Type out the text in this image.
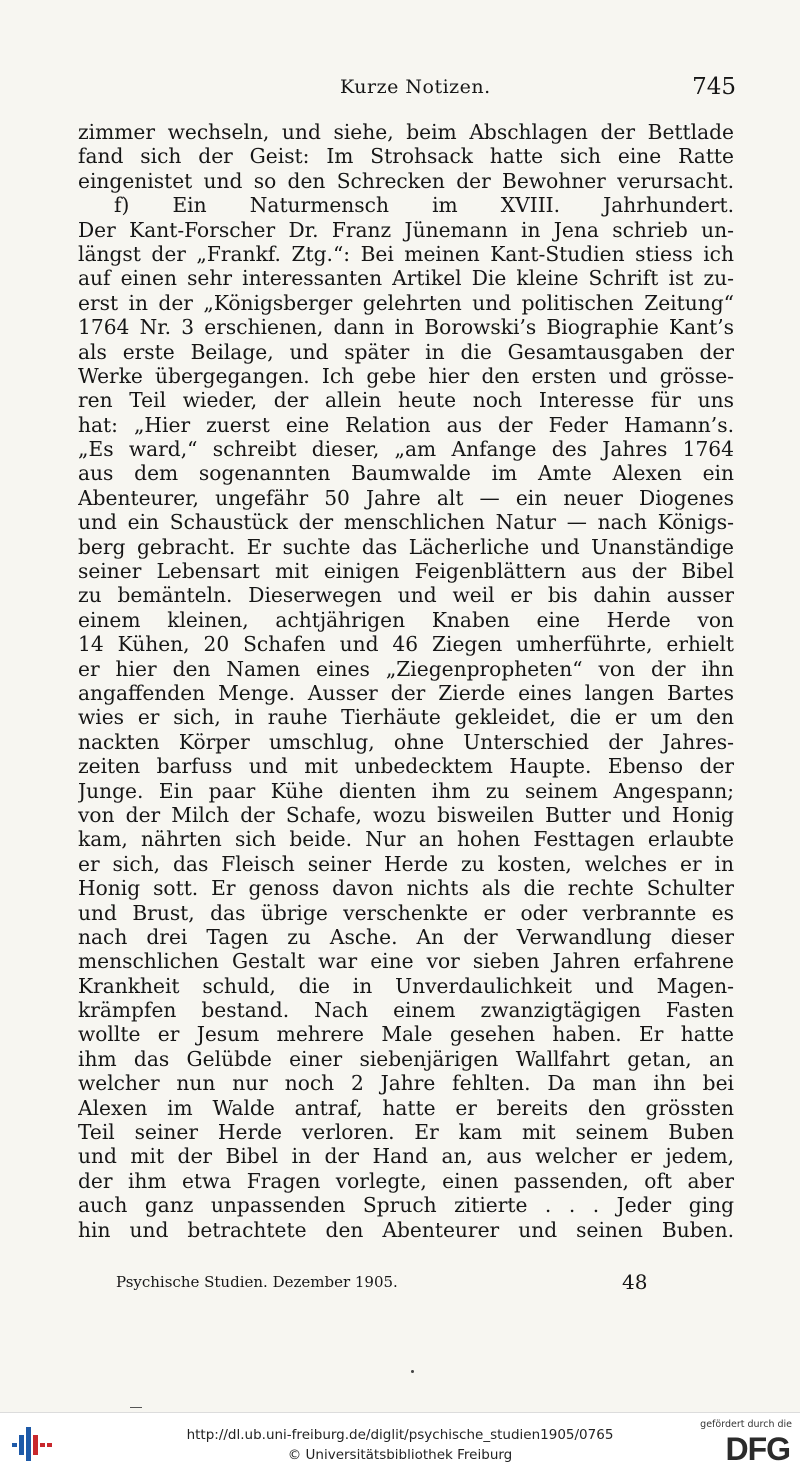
Kurze Notizen.	745
zimmer wechseln, und siehe, beim Abschlagen der Bettlade
fand sich der Geist: Im Strohsack hatte sich eine Ratte
eingenistet und so den Schrecken der Bewohner verursacht.
f) Ein Naturmensch im XVIII. Jahrhundert.
Der Kant-Forscher Dr. Franz Jünemann in Jena schrieb un-
längst der „Frankf. Ztg.“: Bei meinen Kant-Studien stiess ich
auf einen sehr interessanten Artikel Die kleine Schrift ist zu-
erst in der „Königsberger gelehrten und politischen Zeitung“
1764 Nr. 3 erschienen, dann in Borowski’s Biographie Kant’s
als erste Beilage, und später in die Gesamtausgaben der
Werke übergegangen. Ich gebe hier den ersten und grösse-
ren Teil wieder, der allein heute noch Interesse für uns
hat: „Hier zuerst eine Relation aus der Feder Hamann’s.
„Es ward,“ schreibt dieser, „am Anfange des Jahres 1764
aus dem sogenannten Baumwalde im Amte Alexen ein
Abenteurer, ungefähr 50 Jahre alt — ein neuer Diogenes
und ein Schaustück der menschlichen Natur — nach Königs-
berg gebracht. Er suchte das Lächerliche und Unanständige
seiner Lebensart mit einigen Feigenblättern aus der Bibel
zu bemänteln. Dieserwegen und weil er bis dahin ausser
einem kleinen, achtjährigen Knaben eine Herde von
14 Kühen, 20 Schafen und 46 Ziegen umherführte, erhielt
er hier den Namen eines „Ziegenpropheten“ von der ihn
angaffenden Menge. Ausser der Zierde eines langen Bartes
wies er sich, in rauhe Tierhäute gekleidet, die er um den
nackten Körper umschlug, ohne Unterschied der Jahres-
zeiten barfuss und mit unbedecktem Haupte. Ebenso der
Junge. Ein paar Kühe dienten ihm zu seinem Angespann;
von der Milch der Schafe, wozu bisweilen Butter und Honig
kam, nährten sich beide. Nur an hohen Festtagen erlaubte
er sich, das Fleisch seiner Herde zu kosten, welches er in
Honig sott. Er genoss davon nichts als die rechte Schulter
und Brust, das übrige verschenkte er oder verbrannte es
nach drei Tagen zu Asche. An der Verwandlung dieser
menschlichen Gestalt war eine vor sieben Jahren erfahrene
Krankheit schuld, die in Unverdaulichkeit und Magen-
krämpfen bestand. Nach einem zwanzigtägigen Fasten
wollte er Jesum mehrere Male gesehen haben. Er hatte
ihm das Gelübde einer siebenjärigen Wallfahrt getan, an
welcher nun nur noch 2 Jahre fehlten. Da man ihn bei
Alexen im Walde antraf, hatte er bereits den grössten
Teil seiner Herde verloren. Er kam mit seinem Buben
und mit der Bibel in der Hand an, aus welcher er jedem,
der ihm etwa Fragen vorlegte, einen passenden, oft aber
auch ganz unpassenden Spruch zitierte . . . Jeder ging
hin und betrachtete den Abenteurer und seinen Buben.
Psychische Studien. Dezember 1905.	48
http://dl.ub.uni-freiburg.de/diglit/psychische_studien1905/0765
© Universitätsbibliothek Freiburg
gefördert durch die
DFG
